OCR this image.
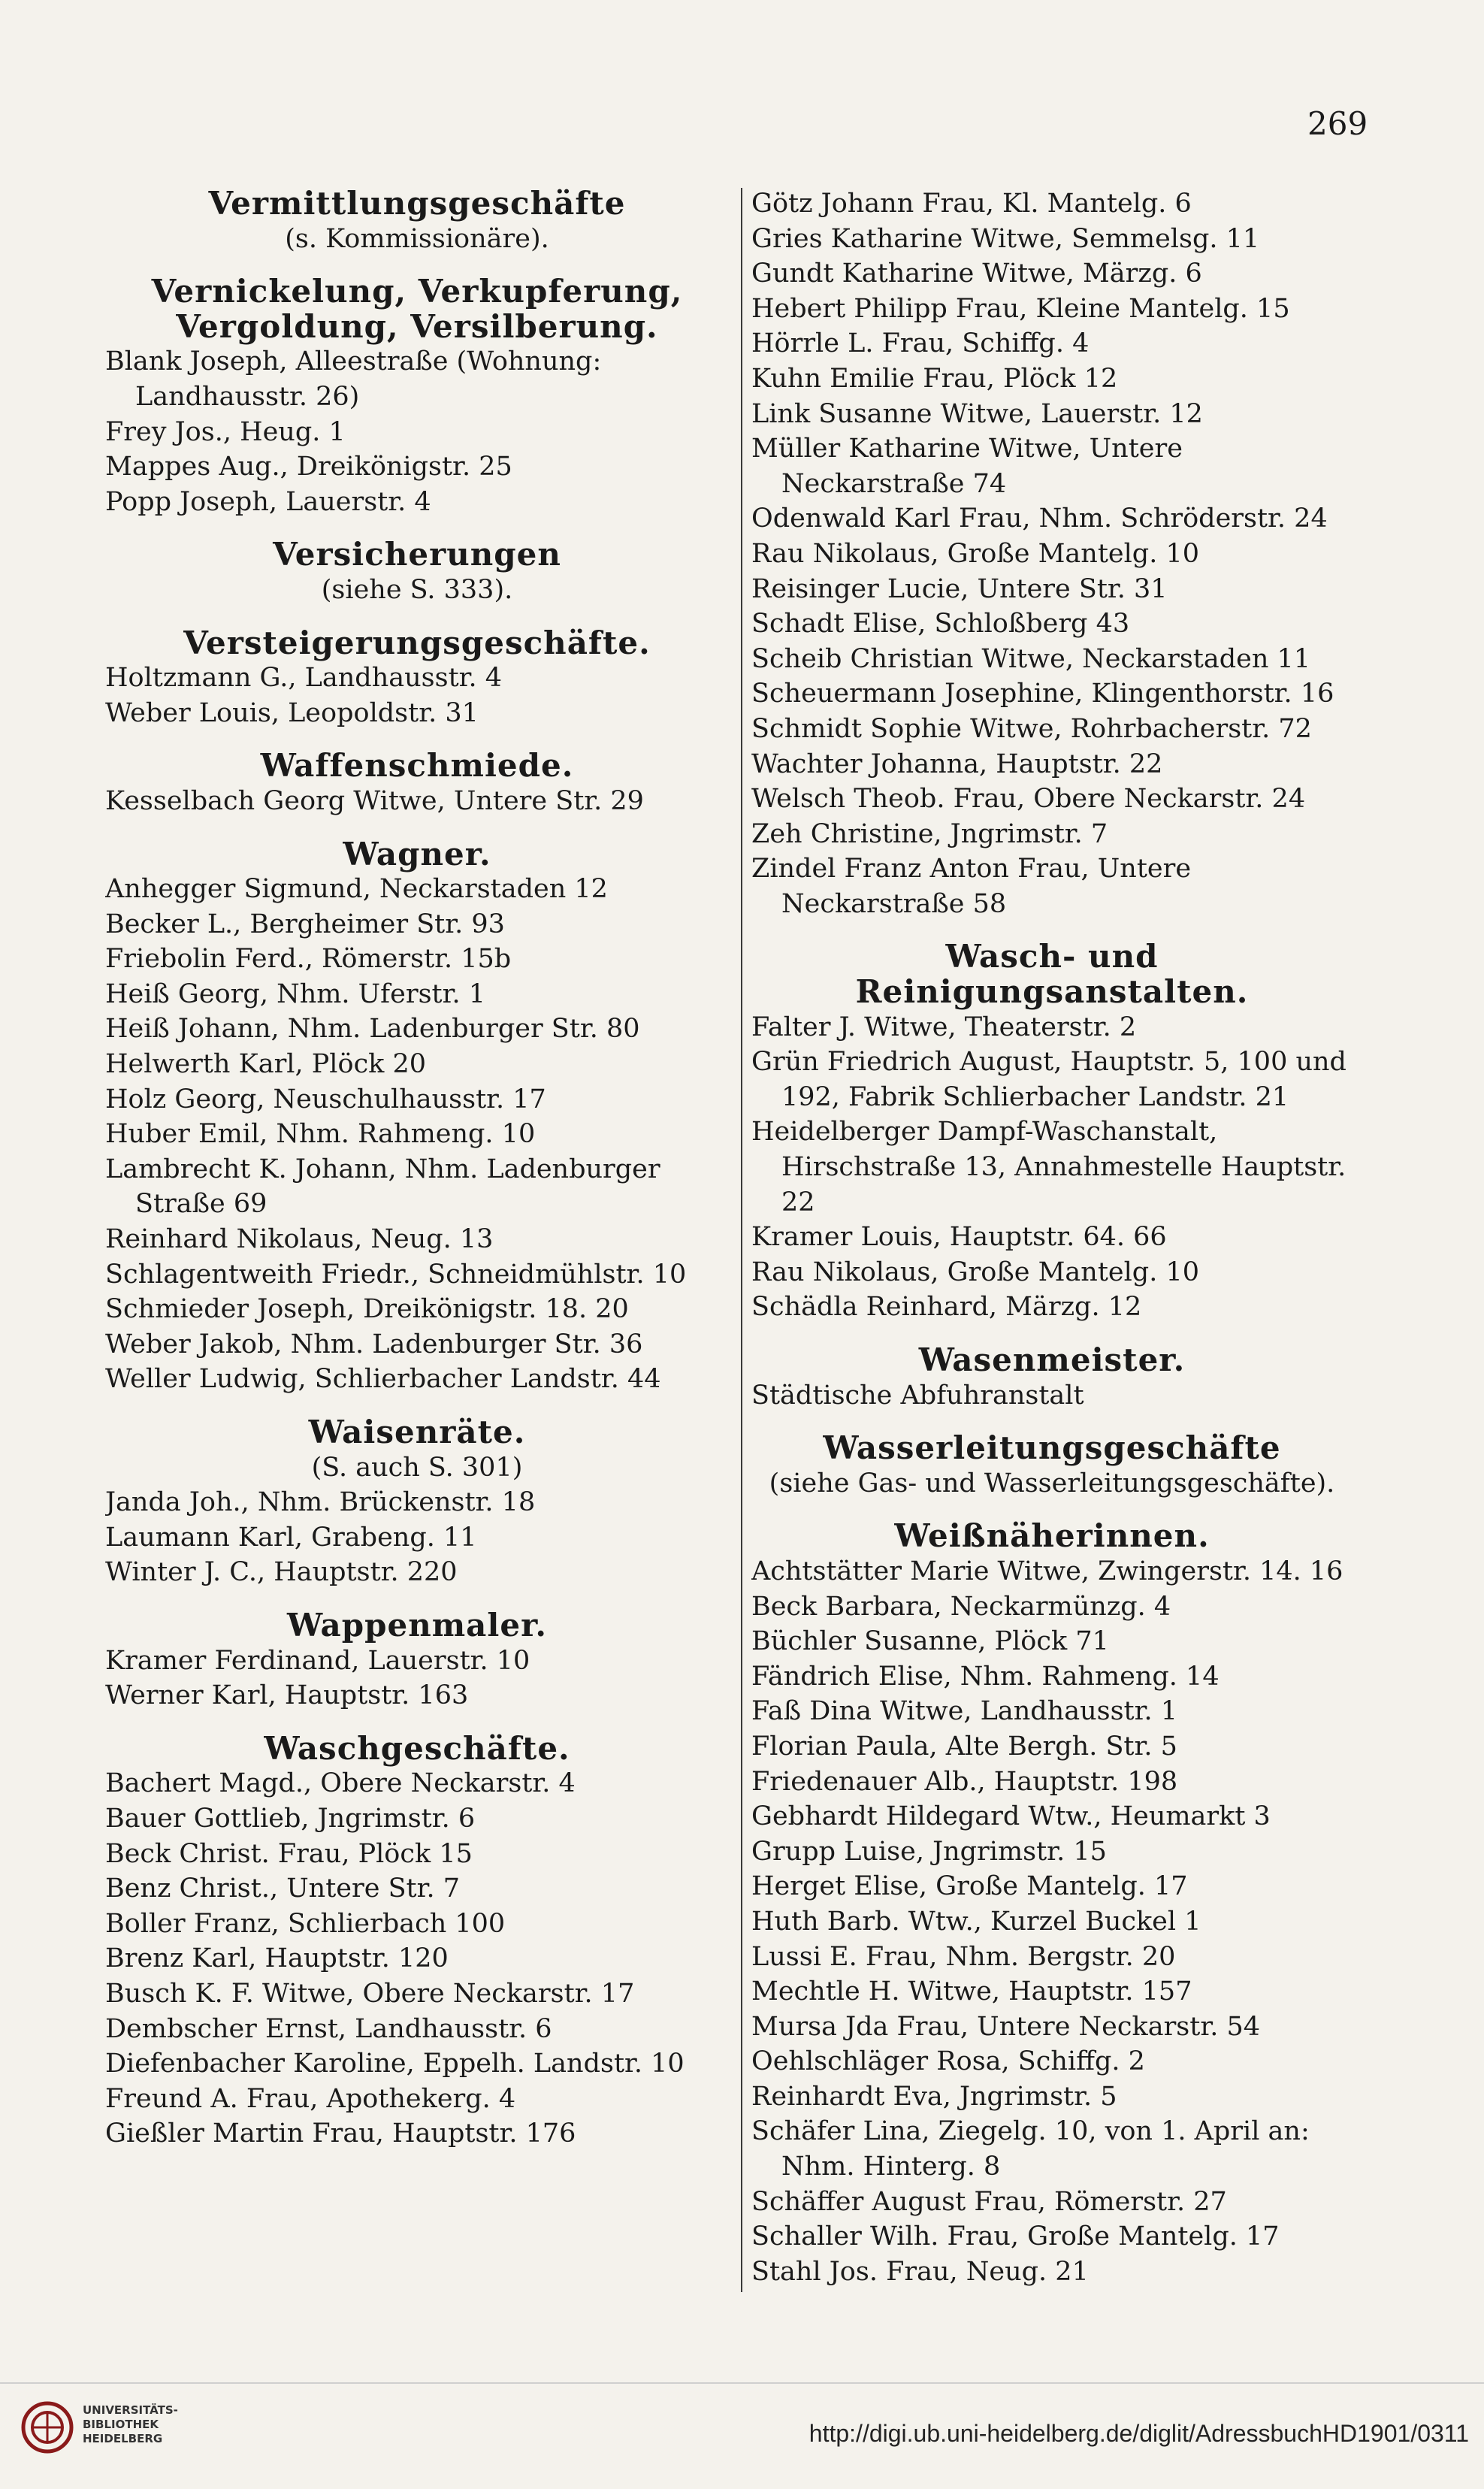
269
Vermittlungsgeschäfte
(s. Kommissionäre).
Vernickelung, Verkupferung, Vergoldung, Versilberung.
Blank Joseph, Alleestraße (Wohnung: Landhausstr. 26)
Frey Jos., Heug. 1
Mappes Aug., Dreikönigstr. 25
Popp Joseph, Lauerstr. 4
Versicherungen
(siehe S. 333).
Versteigerungsgeschäfte.
Holtzmann G., Landhausstr. 4
Weber Louis, Leopoldstr. 31
Waffenschmiede.
Kesselbach Georg Witwe, Untere Str. 29
Wagner.
Anhegger Sigmund, Neckarstaden 12
Becker L., Bergheimer Str. 93
Friebolin Ferd., Römerstr. 15b
Heiß Georg, Nhm. Uferstr. 1
Heiß Johann, Nhm. Ladenburger Str. 80
Helwerth Karl, Plöck 20
Holz Georg, Neuschulhausstr. 17
Huber Emil, Nhm. Rahmeng. 10
Lambrecht K. Johann, Nhm. Ladenburger Straße 69
Reinhard Nikolaus, Neug. 13
Schlagentweith Friedr., Schneidmühlstr. 10
Schmieder Joseph, Dreikönigstr. 18. 20
Weber Jakob, Nhm. Ladenburger Str. 36
Weller Ludwig, Schlierbacher Landstr. 44
Waisenräte.
(S. auch S. 301)
Janda Joh., Nhm. Brückenstr. 18
Laumann Karl, Grabeng. 11
Winter J. C., Hauptstr. 220
Wappenmaler.
Kramer Ferdinand, Lauerstr. 10
Werner Karl, Hauptstr. 163
Waschgeschäfte.
Bachert Magd., Obere Neckarstr. 4
Bauer Gottlieb, Jngrimstr. 6
Beck Christ. Frau, Plöck 15
Benz Christ., Untere Str. 7
Boller Franz, Schlierbach 100
Brenz Karl, Hauptstr. 120
Busch K. F. Witwe, Obere Neckarstr. 17
Dembscher Ernst, Landhausstr. 6
Diefenbacher Karoline, Eppelh. Landstr. 10
Freund A. Frau, Apothekerg. 4
Gießler Martin Frau, Hauptstr. 176
Götz Johann Frau, Kl. Mantelg. 6
Gries Katharine Witwe, Semmelsg. 11
Gundt Katharine Witwe, Märzg. 6
Hebert Philipp Frau, Kleine Mantelg. 15
Hörrle L. Frau, Schiffg. 4
Kuhn Emilie Frau, Plöck 12
Link Susanne Witwe, Lauerstr. 12
Müller Katharine Witwe, Untere Neckarstraße 74
Odenwald Karl Frau, Nhm. Schröderstr. 24
Rau Nikolaus, Große Mantelg. 10
Reisinger Lucie, Untere Str. 31
Schadt Elise, Schloßberg 43
Scheib Christian Witwe, Neckarstaden 11
Scheuermann Josephine, Klingenthorstr. 16
Schmidt Sophie Witwe, Rohrbacherstr. 72
Wachter Johanna, Hauptstr. 22
Welsch Theob. Frau, Obere Neckarstr. 24
Zeh Christine, Jngrimstr. 7
Zindel Franz Anton Frau, Untere Neckarstraße 58
Wasch- und Reinigungsanstalten.
Falter J. Witwe, Theaterstr. 2
Grün Friedrich August, Hauptstr. 5, 100 und 192, Fabrik Schlierbacher Landstr. 21
Heidelberger Dampf-Waschanstalt, Hirschstraße 13, Annahmestelle Hauptstr. 22
Kramer Louis, Hauptstr. 64. 66
Rau Nikolaus, Große Mantelg. 10
Schädla Reinhard, Märzg. 12
Wasenmeister.
Städtische Abfuhranstalt
Wasserleitungsgeschäfte
(siehe Gas- und Wasserleitungsgeschäfte).
Weißnäherinnen.
Achtstätter Marie Witwe, Zwingerstr. 14. 16
Beck Barbara, Neckarmünzg. 4
Büchler Susanne, Plöck 71
Fändrich Elise, Nhm. Rahmeng. 14
Faß Dina Witwe, Landhausstr. 1
Florian Paula, Alte Bergh. Str. 5
Friedenauer Alb., Hauptstr. 198
Gebhardt Hildegard Wtw., Heumarkt 3
Grupp Luise, Jngrimstr. 15
Herget Elise, Große Mantelg. 17
Huth Barb. Wtw., Kurzel Buckel 1
Lussi E. Frau, Nhm. Bergstr. 20
Mechtle H. Witwe, Hauptstr. 157
Mursa Jda Frau, Untere Neckarstr. 54
Oehlschläger Rosa, Schiffg. 2
Reinhardt Eva, Jngrimstr. 5
Schäfer Lina, Ziegelg. 10, von 1. April an: Nhm. Hinterg. 8
Schäffer August Frau, Römerstr. 27
Schaller Wilh. Frau, Große Mantelg. 17
Stahl Jos. Frau, Neug. 21
UNIVERSITÄTS-
BIBLIOTHEK
HEIDELBERG	http://digi.ub.uni-heidelberg.de/diglit/AdressbuchHD1901/0311
